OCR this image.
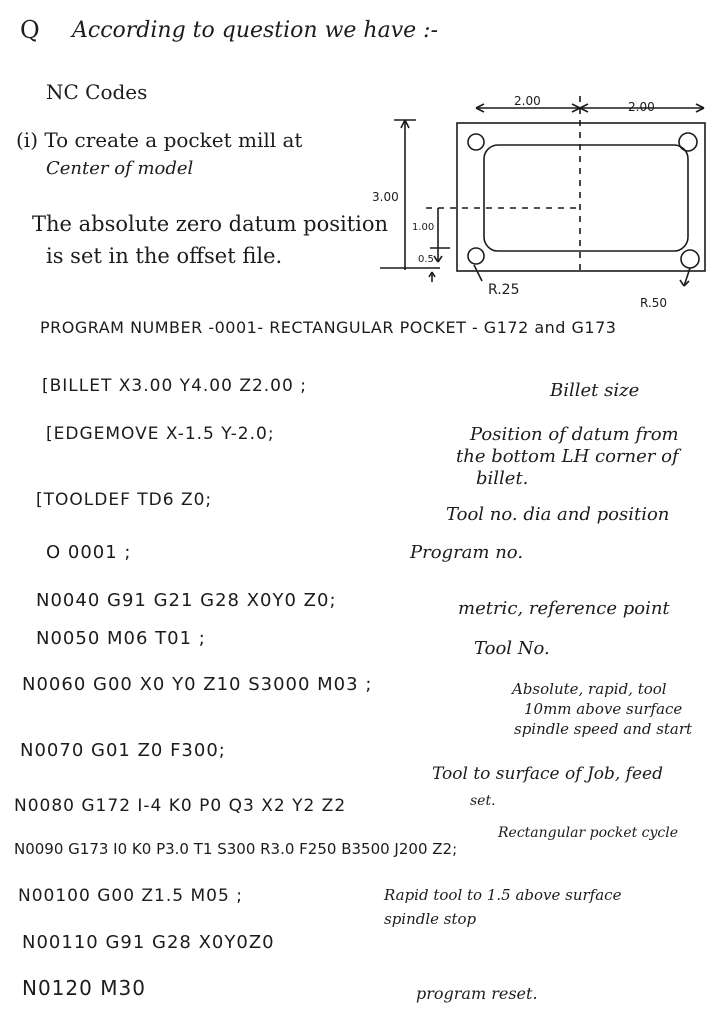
Q According to question we have :-
NC Codes
(i) To create a pocket mill at
Center of model
The absolute zero datum position
is set in the offset file.
2.00	2.00
3.00
1.00
0.5
R.25
R.50
PROGRAM NUMBER -0001- RECTANGULAR POCKET - G172 and G173
[BILLET X3.00 Y4.00 Z2.00 ;	Billet size
[EDGEMOVE X-1.5 Y-2.0;	Position of datum from
the bottom LH corner of
billet.
[TOOLDEF TD6 Z0;
Tool no. dia and position
O 0001 ;	Program no.
N0040 G91 G21 G28 X0Y0 Z0;	metric, reference point
N0050 M06 T01 ;	Tool No.
N0060 G00 X0 Y0 Z10 S3000 M03 ;	Absolute, rapid, tool
10mm above surface
spindle speed and start
N0070 G01 Z0 F300;
Tool to surface of Job, feed
set.
N0080 G172 I-4 K0 P0 Q3 X2 Y2 Z2
Rectangular pocket cycle
N0090 G173 I0 K0 P3.0 T1 S300 R3.0 F250 B3500 J200 Z2;
N00100 G00 Z1.5 M05 ;	Rapid tool to 1.5 above surface
spindle stop
N00110 G91 G28 X0Y0Z0
N0120 M30	program reset.
